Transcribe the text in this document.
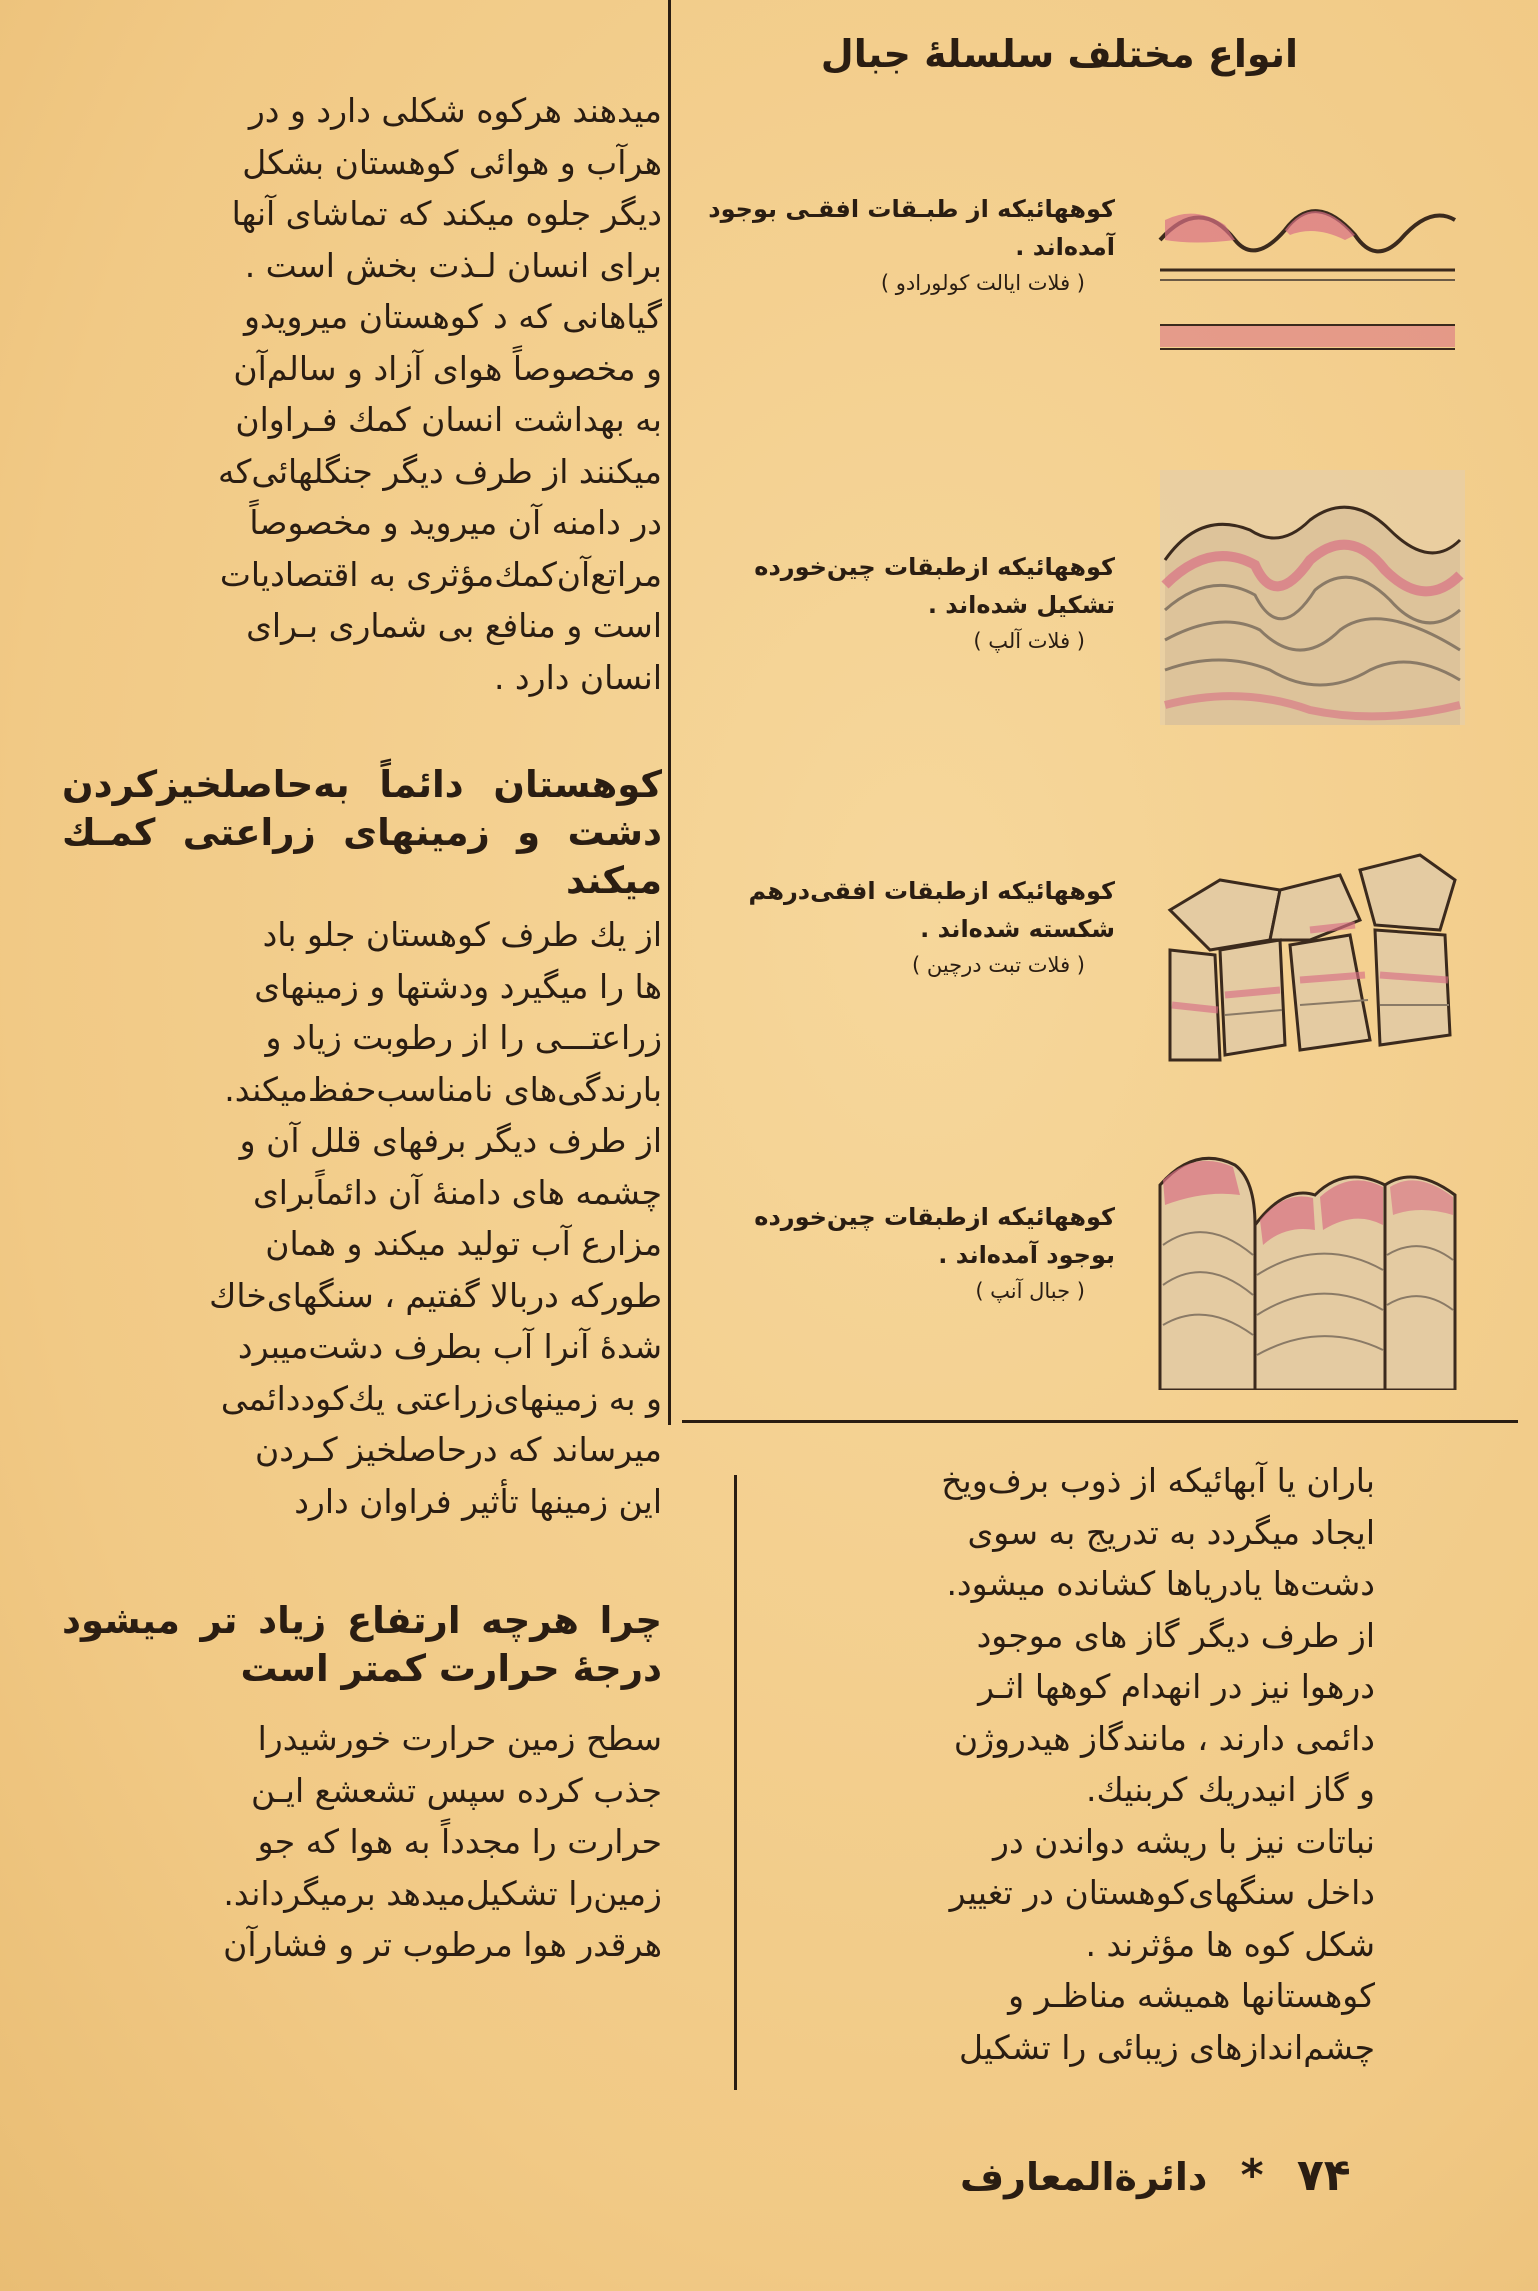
انواع مختلف سلسلهٔ جبال
میدهند هرکوه شکلی دارد و در
هرآب و هوائی کوهستان بشکل
دیگر جلوه میکند که تماشای آنها
برای انسان لـذت بخش است .
گیاهانی که د کوهستان میرویدو
و مخصوصاً هوای آزاد و سالم‌آن
به بهداشت انسان کمك فـراوان
میکنند از طرف دیگر جنگلهائی‌که
در دامنه آن میروید و مخصوصاً
مراتع‌آن‌کمك‌مؤثری به اقتصادیات
است و منافع بی شماری بـرای
انسان دارد .
کوهستان دائماً به‌حاصلخیزکردن دشت و زمینهای زراعتی کمـك میکند
از يك طرف كوهستان جلو باد
ها را میگیرد ودشتها و زمینهای
زراعتـــی را از رطوبت زیاد و
بارندگی‌های نامناسب‌حفظ‌میکند.
از طرف دیگر برفهای قلل آن و
چشمه های دامنهٔ آن دائماًبرای
مزارع آب تولید میکند و همان
طورکه دربالا گفتیم ، سنگهای‌خاك
شدهٔ آنرا آب بطرف دشت‌میبرد
و به زمینهای‌زراعتی يك‌كوددائمی
میرساند که درحاصلخیز کـردن
این زمینها تأثیر فراوان دارد
چرا هرچه ارتفاع زیاد تر میشود درجهٔ حرارت کمتر است
سطح زمین حرارت خورشیدرا
جذب کرده سپس تشعشع ایـن
حرارت را مجدداً به هوا که جو
زمین‌را تشکیل‌میدهد برمیگرداند.
هرقدر هوا مرطوب تر و فشارآن
کوههائیکه از طبـقات افقـی بوجود آمده‌اند .
( فلات ايالت كولورادو )
کوههائیکه ازطبقات چین‌خورده تشکیل شده‌اند .
( فلات آلپ )
کوههائیکه ازطبقات افقی‌درهم شکسته شده‌اند .
( فلات تبت درچین )
کوههائیکه ازطبقات چین‌خورده بوجود آمده‌اند .
( جبال آنپ )
باران یا آبهائیکه از ذوب برف‌ویخ
ایجاد میگردد به تدریج به سوی
دشت‌ها یادریاها کشانده میشود.
از طرف دیگر گاز های موجود
درهوا نیز در انهدام کوهها اثـر
دائمی دارند ، مانندگاز هیدروژن
و گاز انیدریك كربنيك.
نباتات نیز با ریشه دواندن در
داخل سنگهای‌کوهستان در تغییر
شکل کوه ها مؤثرند .
کوهستانها همیشه مناظـر و
چشم‌اندازهای زیبائی را تشکیل
۷۴ * دائرةالمعارف
